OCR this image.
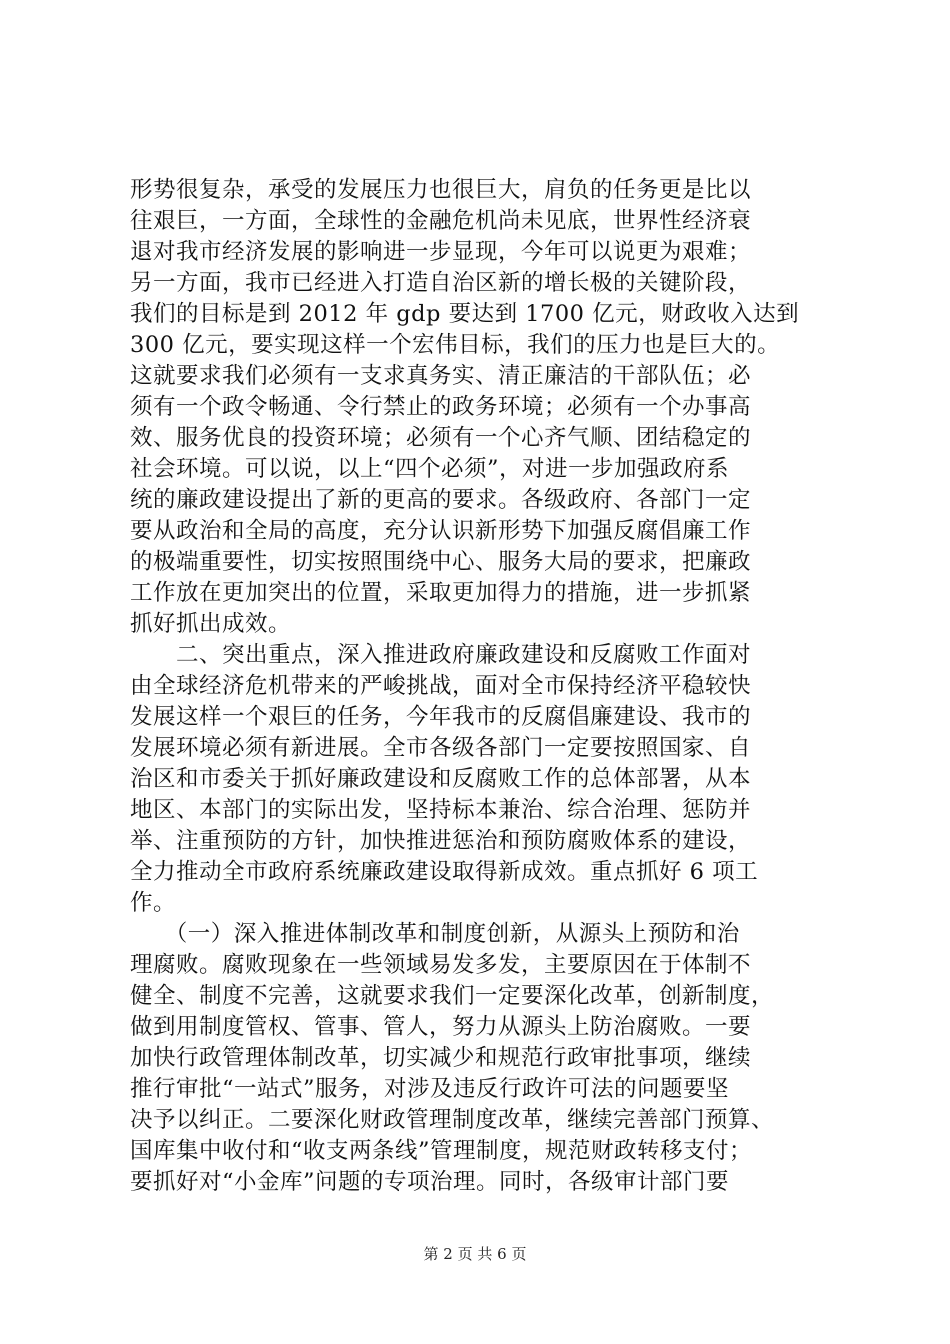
形势很复杂，承受的发展压力也很巨大，肩负的任务更是比以
往艰巨，一方面，全球性的金融危机尚未见底，世界性经济衰
退对我市经济发展的影响进一步显现，今年可以说更为艰难；
另一方面，我市已经进入打造自治区新的增长极的关键阶段，
我们的目标是到 2012 年 gdp 要达到 1700 亿元，财政收入达到
300 亿元，要实现这样一个宏伟目标，我们的压力也是巨大的。
这就要求我们必须有一支求真务实、清正廉洁的干部队伍；必
须有一个政令畅通、令行禁止的政务环境；必须有一个办事高
效、服务优良的投资环境；必须有一个心齐气顺、团结稳定的
社会环境。可以说，以上“四个必须”，对进一步加强政府系
统的廉政建设提出了新的更高的要求。各级政府、各部门一定
要从政治和全局的高度，充分认识新形势下加强反腐倡廉工作
的极端重要性，切实按照围绕中心、服务大局的要求，把廉政
工作放在更加突出的位置，采取更加得力的措施，进一步抓紧
抓好抓出成效。
　　二、突出重点，深入推进政府廉政建设和反腐败工作面对
由全球经济危机带来的严峻挑战，面对全市保持经济平稳较快
发展这样一个艰巨的任务，今年我市的反腐倡廉建设、我市的
发展环境必须有新进展。全市各级各部门一定要按照国家、自
治区和市委关于抓好廉政建设和反腐败工作的总体部署，从本
地区、本部门的实际出发，坚持标本兼治、综合治理、惩防并
举、注重预防的方针，加快推进惩治和预防腐败体系的建设，
全力推动全市政府系统廉政建设取得新成效。重点抓好 6 项工
作。
　　（一）深入推进体制改革和制度创新，从源头上预防和治
理腐败。腐败现象在一些领域易发多发，主要原因在于体制不
健全、制度不完善，这就要求我们一定要深化改革，创新制度，
做到用制度管权、管事、管人，努力从源头上防治腐败。一要
加快行政管理体制改革，切实减少和规范行政审批事项，继续
推行审批“一站式”服务，对涉及违反行政许可法的问题要坚
决予以纠正。二要深化财政管理制度改革，继续完善部门预算、
国库集中收付和“收支两条线”管理制度，规范财政转移支付；
要抓好对“小金库”问题的专项治理。同时，各级审计部门要
第 2 页 共 6 页
